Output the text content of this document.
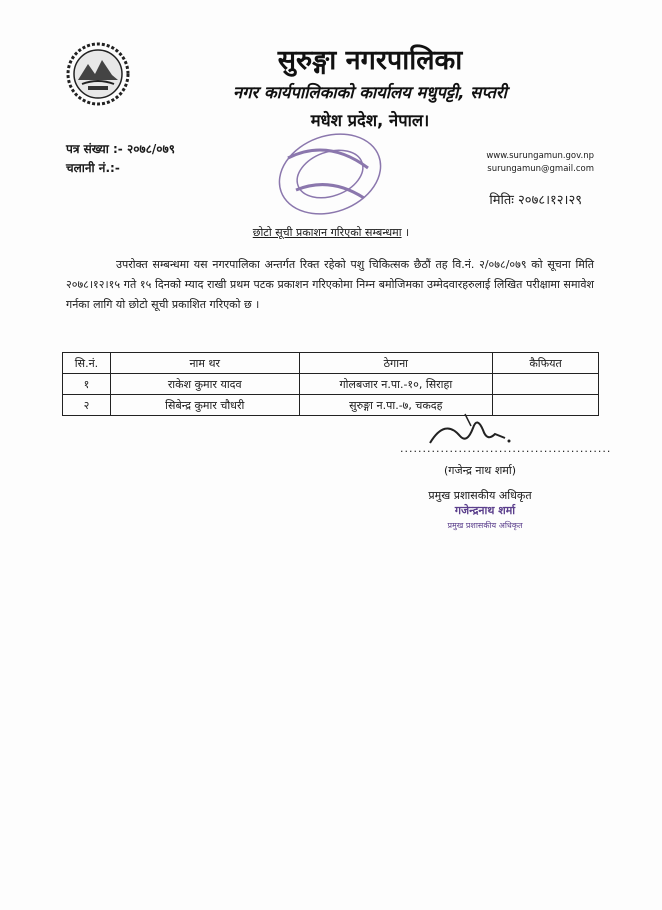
सुरुङ्गा नगरपालिका
नगर कार्यपालिकाको कार्यालय मधुपट्टी, सप्तरी
मधेश प्रदेश, नेपाल।
पत्र संख्या :- २०७८/०७९
चलानी नं.:-
www.surungamun.gov.np
surungamun@gmail.com
मितिः २०७८।१२।२९
छोटो सूची प्रकाशन गरिएको सम्बन्धमा ।

उपरोक्त सम्बन्धमा यस नगरपालिका अन्तर्गत रिक्त रहेको पशु चिकित्सक छैठौं तह वि.नं. २/०७८/०७९ को सूचना मिति २०७८।१२।१५ गते १५ दिनको म्याद राखी प्रथम पटक प्रकाशन गरिएकोमा निम्न बमोजिमका उम्मेदवारहरुलाई लिखित परीक्षामा समावेश गर्नका लागि यो छोटो सूची प्रकाशित गरिएको छ ।

सि.नं.	नाम थर	ठेगाना	कैफियत
१	राकेश कुमार यादव	गोलबजार न.पा.-१०, सिराहा	
२	सिबेन्द्र कुमार चौधरी	सुरुङ्गा न.पा.-७, चकदह	
...............................................
(गजेन्द्र नाथ शर्मा)
प्रमुख प्रशासकीय अधिकृत
गजेन्द्रनाथ शर्मा
प्रमुख प्रशासकीय अधिकृत
